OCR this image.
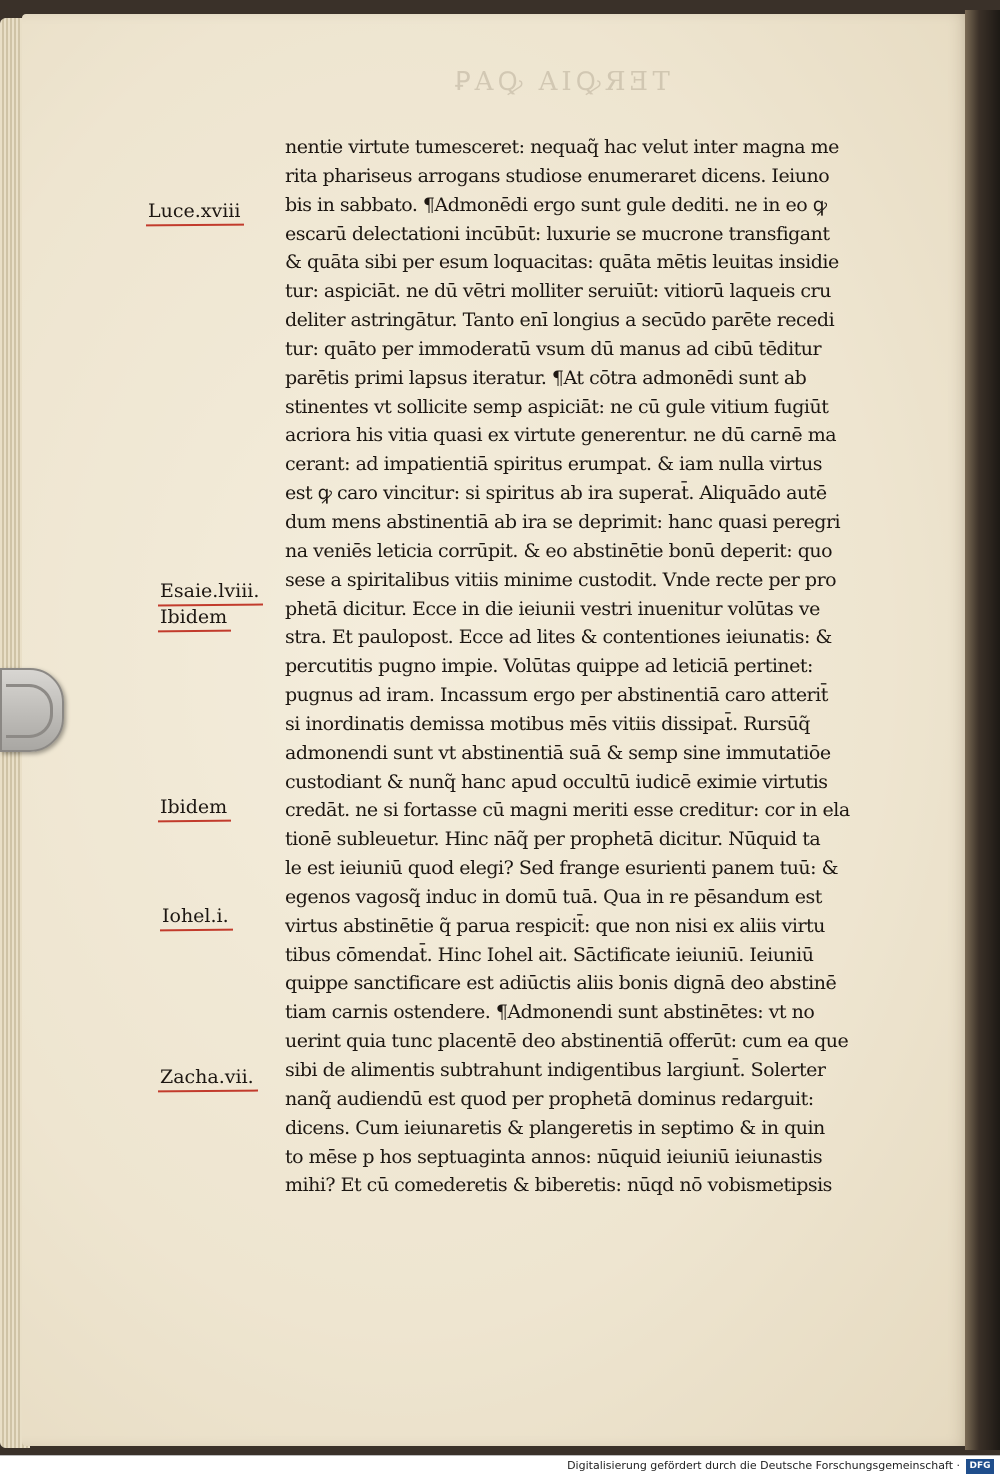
ꝐAꝘ AIꝘЯƎT
Luce.xviii
Esaie.lviii.
Ibidem
Ibidem
Iohel.i.
Zacha.vii.
nentie virtute tumesceret: nequaq̃ hac velut inter magna me
rita phariseus arrogans studiose enumeraret dicens. Ieiuno
bis in sabbato. ¶Admonēdi ergo sunt gule dediti. ne in eo ꝙ
escarū delectationi incūbūt: luxurie se mucrone transfigant
& quāta sibi per esum loquacitas: quāta mētis leuitas insidie
tur: aspiciāt. ne dū vētri molliter seruiūt: vitiorū laqueis cru
deliter astringātur. Tanto enī longius a secūdo parēte recedi
tur: quāto per immoderatū vsum dū manus ad cibū tēditur
parētis primi lapsus iteratur. ¶At cōtra admonēdi sunt ab
stinentes vt sollicite semp aspiciāt: ne cū gule vitium fugiūt
acriora his vitia quasi ex virtute generentur. ne dū carnē ma
cerant: ad impatientiā spiritus erumpat. & iam nulla virtus
est ꝙ caro vincitur: si spiritus ab ira superat̄. Aliquādo autē
dum mens abstinentiā ab ira se deprimit: hanc quasi peregri
na veniēs leticia corrūpit. & eo abstinētie bonū deperit: quo
sese a spiritalibus vitiis minime custodit. Vnde recte per pro
phetā dicitur. Ecce in die ieiunii vestri inuenitur volūtas ve
stra. Et paulopost. Ecce ad lites & contentiones ieiunatis: &
percutitis pugno impie. Volūtas quippe ad leticiā pertinet:
pugnus ad iram. Incassum ergo per abstinentiā caro atterit̄
si inordinatis demissa motibus mēs vitiis dissipat̄. Rursūq̃
admonendi sunt vt abstinentiā suā & semp sine immutatiōe
custodiant & nunq̃ hanc apud occultū iudicē eximie virtutis
credāt. ne si fortasse cū magni meriti esse creditur: cor in ela
tionē subleuetur. Hinc nāq̃ per prophetā dicitur. Nūquid ta
le est ieiuniū quod elegi? Sed frange esurienti panem tuū: &
egenos vagosq̃ induc in domū tuā. Qua in re pēsandum est
virtus abstinētie q̃ parua respicit̄: que non nisi ex aliis virtu
tibus cōmendat̄. Hinc Iohel ait. Sāctificate ieiuniū. Ieiuniū
quippe sanctificare est adiūctis aliis bonis dignā deo abstinē
tiam carnis ostendere. ¶Admonendi sunt abstinētes: vt no
uerint quia tunc placentē deo abstinentiā offerūt: cum ea que
sibi de alimentis subtrahunt indigentibus largiunt̄. Solerter
nanq̃ audiendū est quod per prophetā dominus redarguit:
dicens. Cum ieiunaretis & plangeretis in septimo & in quin
to mēse p hos septuaginta annos: nūquid ieiuniū ieiunastis
mihi? Et cū comederetis & biberetis: nūqd nō vobismetipsis
Digitalisierung gefördert durch die Deutsche Forschungsgemeinschaft ·	DFG
